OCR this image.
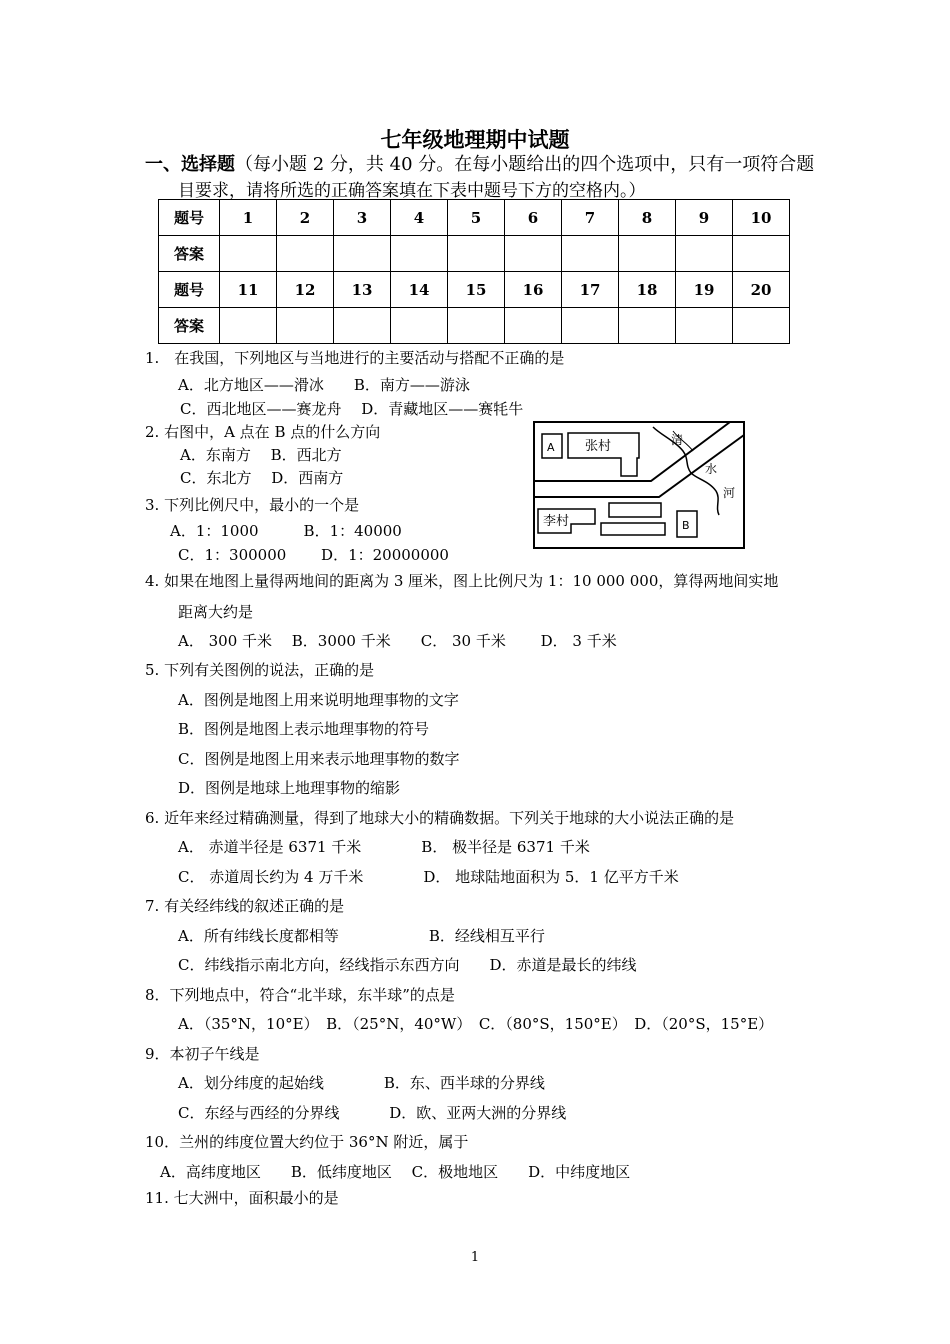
七年级地理期中试题
一、选择题（每小题 2 分，共 40 分。在每小题给出的四个选项中，只有一项符合题
目要求，请将所选的正确答案填在下表中题号下方的空格内。）
题号	1	2	3	4	5	6	7	8	9	10
答案										
题号	11	12	13	14	15	16	17	18	19	20
答案										
1.　在我国，下列地区与当地进行的主要活动与搭配不正确的是
A．北方地区——滑冰　　B．南方——游泳
C．西北地区——赛龙舟　 D．青藏地区——赛牦牛
2. 右图中，A 点在 B 点的什么方向
A．东南方　 B．西北方
C．东北方　 D．西南方
3. 下列比例尺中，最小的一个是
A．1：1000　　　B．1：40000
C．1：300000　　 D．1：20000000
A 张村	清
水
河
李村	B
4. 如果在地图上量得两地间的距离为 3 厘米，图上比例尺为 1：10 000 000，算得两地间实地
距离大约是
A． 300 千米　 B．3000 千米　　C． 30 千米　　 D． 3 千米
5. 下列有关图例的说法，正确的是
A．图例是地图上用来说明地理事物的文字
B．图例是地图上表示地理事物的符号
C．图例是地图上用来表示地理事物的数字
D．图例是地球上地理事物的缩影
6. 近年来经过精确测量，得到了地球大小的精确数据。下列关于地球的大小说法正确的是
A． 赤道半径是 6371 千米　　　　B． 极半径是 6371 千米
C． 赤道周长约为 4 万千米　　　　D． 地球陆地面积为 5．1 亿平方千米
7. 有关经纬线的叙述正确的是
A．所有纬线长度都相等　　　　　　B．经线相互平行
C．纬线指示南北方向，经线指示东西方向　　D．赤道是最长的纬线
8．下列地点中，符合“北半球，东半球”的点是
A．（35°N，10°E）　B．（25°N，40°W）　C．（80°S，150°E）　D．（20°S，15°E）
9．本初子午线是
A．划分纬度的起始线　　　　B．东、西半球的分界线
C．东经与西经的分界线　　　 D．欧、亚两大洲的分界线
10．兰州的纬度位置大约位于 36°N 附近，属于
A．高纬度地区　　B．低纬度地区　 C．极地地区　　D．中纬度地区
11. 七大洲中，面积最小的是
1
